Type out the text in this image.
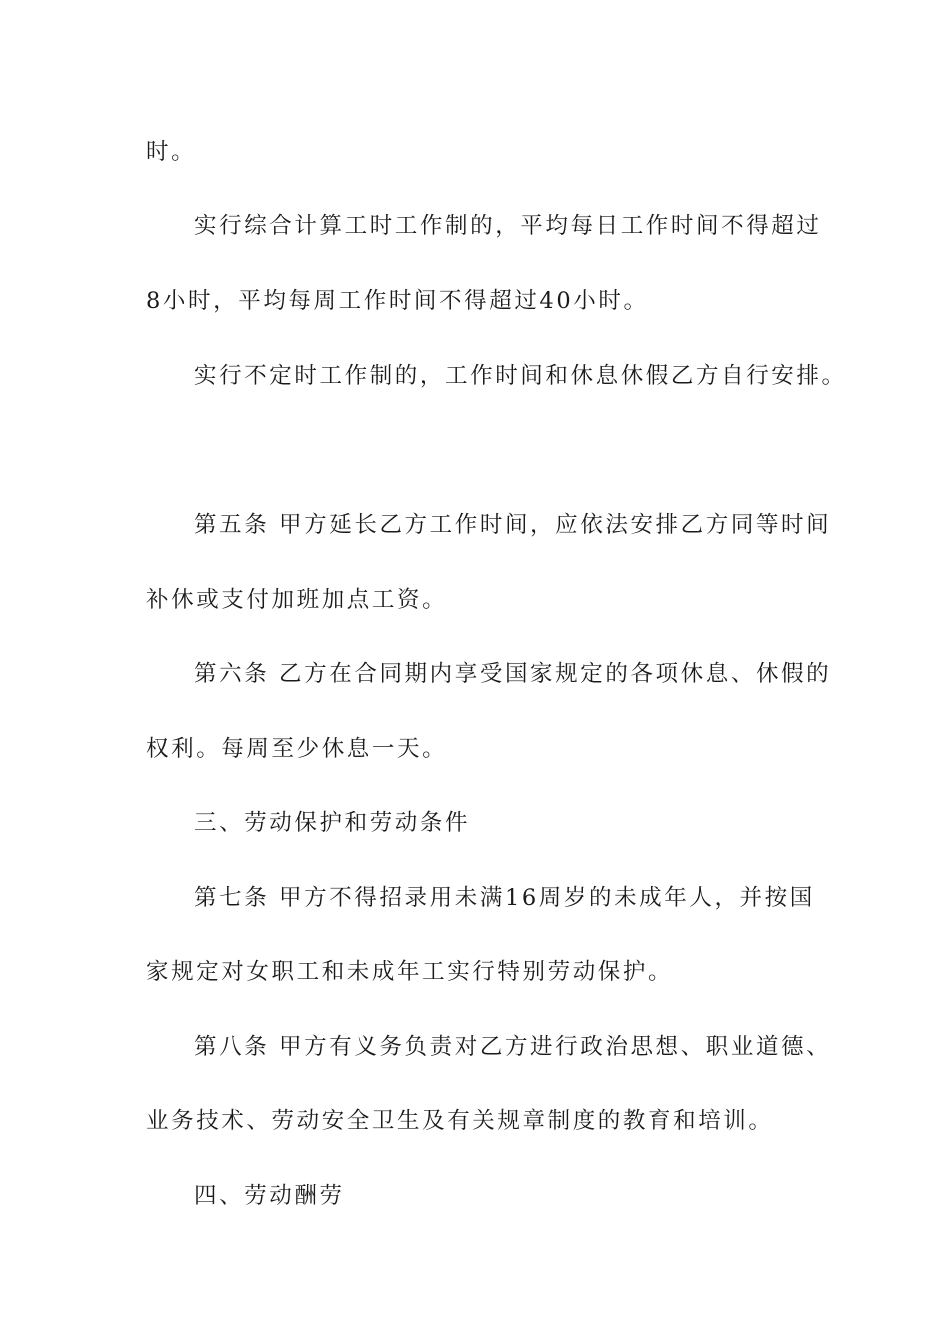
时。
实行综合计算工时工作制的，平均每日工作时间不得超过
8小时，平均每周工作时间不得超过40小时。
实行不定时工作制的，工作时间和休息休假乙方自行安排。
第五条 甲方延长乙方工作时间，应依法安排乙方同等时间
补休或支付加班加点工资。
第六条 乙方在合同期内享受国家规定的各项休息、休假的
权利。每周至少休息一天。
三、劳动保护和劳动条件
第七条 甲方不得招录用未满16周岁的未成年人，并按国
家规定对女职工和未成年工实行特别劳动保护。
第八条 甲方有义务负责对乙方进行政治思想、职业道德、
业务技术、劳动安全卫生及有关规章制度的教育和培训。
四、劳动酬劳
